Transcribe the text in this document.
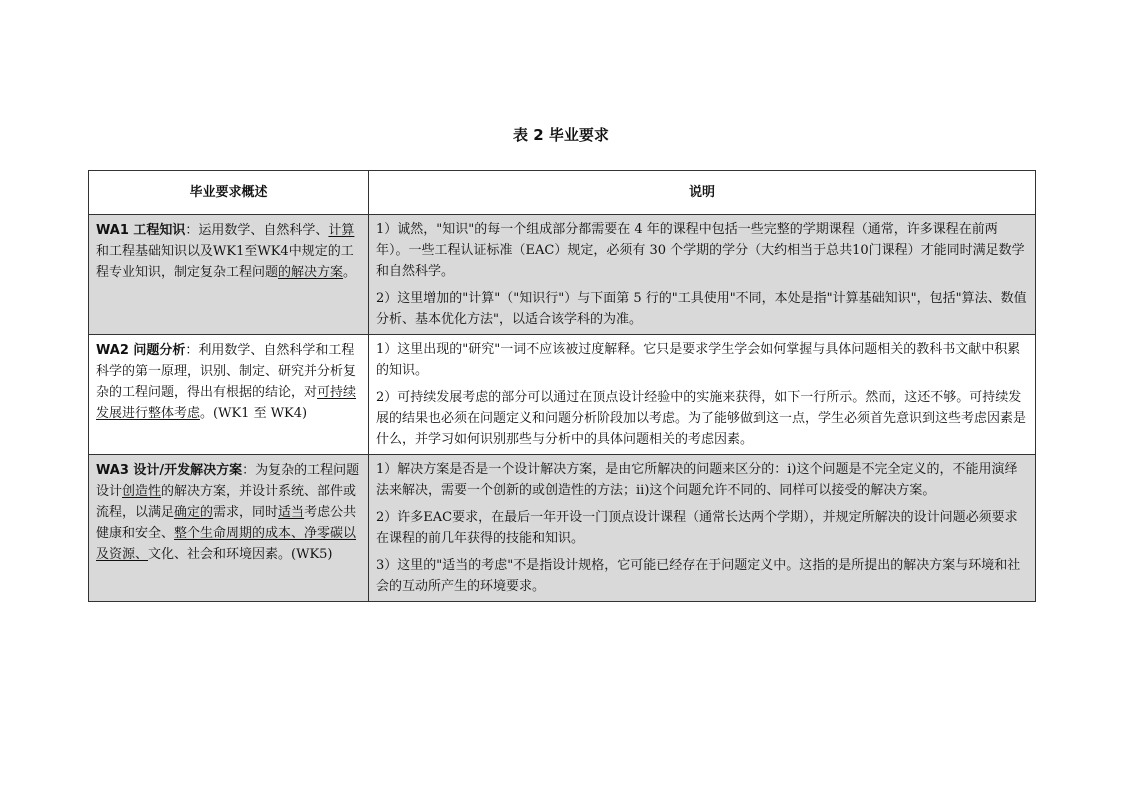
表 2 毕业要求
毕业要求概述	说明
WA1 工程知识：运用数学、自然科学、计算和工程基础知识以及WK1至WK4中规定的工程专业知识，制定复杂工程问题的解决方案。	1）诚然，"知识"的每一个组成部分都需要在 4 年的课程中包括一些完整的学期课程（通常，许多课程在前两年）。一些工程认证标准（EAC）规定，必须有 30 个学期的学分（大约相当于总共10门课程）才能同时满足数学和自然科学。

2）这里增加的"计算"（"知识行"）与下面第 5 行的"工具使用"不同，本处是指"计算基础知识"，包括"算法、数值分析、基本优化方法"，以适合该学科的为准。

WA2 问题分析：利用数学、自然科学和工程科学的第一原理，识别、制定、研究并分析复杂的工程问题，得出有根据的结论，对可持续发展进行整体考虑。(WK1 至 WK4)	1）这里出现的"研究"一词不应该被过度解释。它只是要求学生学会如何掌握与具体问题相关的教科书文献中积累的知识。

2）可持续发展考虑的部分可以通过在顶点设计经验中的实施来获得，如下一行所示。然而，这还不够。可持续发展的结果也必须在问题定义和问题分析阶段加以考虑。为了能够做到这一点，学生必须首先意识到这些考虑因素是什么，并学习如何识别那些与分析中的具体问题相关的考虑因素。

WA3 设计/开发解决方案：为复杂的工程问题设计创造性的解决方案，并设计系统、部件或流程，以满足确定的需求，同时适当考虑公共健康和安全、整个生命周期的成本、净零碳以及资源、文化、社会和环境因素。(WK5)	1）解决方案是否是一个设计解决方案，是由它所解决的问题来区分的：i)这个问题是不完全定义的，不能用演绎法来解决，需要一个创新的或创造性的方法；ii)这个问题允许不同的、同样可以接受的解决方案。

2）许多EAC要求，在最后一年开设一门顶点设计课程（通常长达两个学期），并规定所解决的设计问题必须要求在课程的前几年获得的技能和知识。

3）这里的"适当的考虑"不是指设计规格，它可能已经存在于问题定义中。这指的是所提出的解决方案与环境和社会的互动所产生的环境要求。
